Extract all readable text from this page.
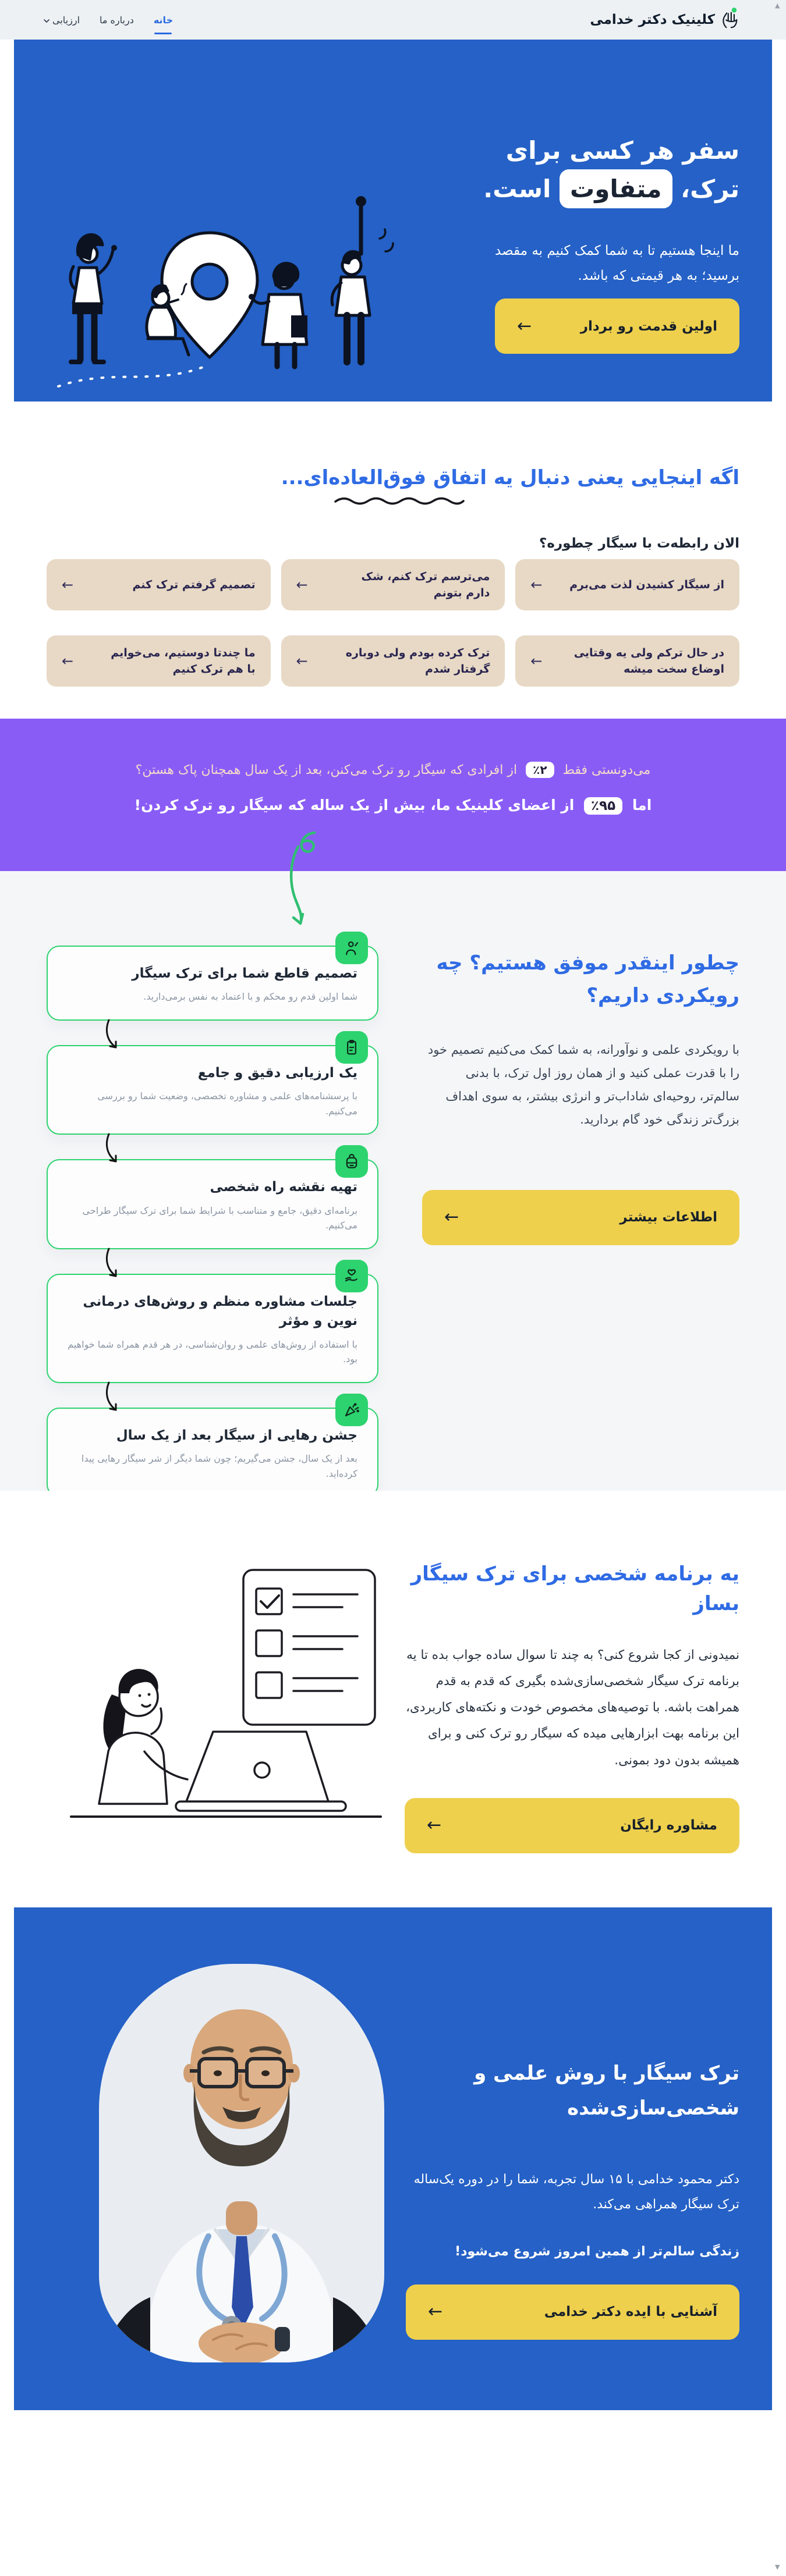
کلینیک دکتر خدامی
خانه
درباره ما
ارزیابی
سفر هر کسی برای
ترک، متفاوت است.
ما اینجا هستیم تا به شما کمک کنیم به مقصد برسید؛ به هر قیمتی که باشد.
اولین قدمت رو بردار
←
اگه اینجایی یعنی دنبال یه اتفاق فوق‌العاده‌ای...
الان رابطه‌ت با سیگار چطوره؟
از سیگار کشیدن لذت می‌برم
←
می‌ترسم ترک کنم، شک دارم بتونم
←
تصمیم گرفتم ترک کنم
←
در حال ترکم ولی یه وقتایی اوضاع سخت میشه
←
ترک کرده بودم ولی دوباره گرفتار شدم
←
ما چندتا دوستیم، می‌خوایم با هم ترک کنیم
←
می‌دونستی فقط ٪۲ از افرادی که سیگار رو ترک می‌کنن، بعد از یک سال همچنان پاک هستن؟
اما ٪۹۵ از اعضای کلینیک ما، بیش از یک ساله که سیگار رو ترک کردن!
چطور اینقدر موفق هستیم؟ چه رویکردی داریم؟
با رویکردی علمی و نوآورانه، به شما کمک می‌کنیم تصمیم خود را با قدرت عملی کنید و از همان روز اول ترک، با بدنی سالم‌تر، روحیه‌ای شاداب‌تر و انرژی بیشتر، به سوی اهداف بزرگ‌تر زندگی خود گام بردارید.
اطلاعات بیشتر
←
تصمیم قاطع شما برای ترک سیگار

شما اولین قدم رو محکم و با اعتماد به نفس برمی‌دارید.

یک ارزیابی دقیق و جامع

با پرسشنامه‌های علمی و مشاوره تخصصی، وضعیت شما رو بررسی می‌کنیم.

تهیه نقشه راه شخصی

برنامه‌ای دقیق، جامع و متناسب با شرایط شما برای ترک سیگار طراحی می‌کنیم.

جلسات مشاوره منظم و روش‌های درمانی نوین و مؤثر

با استفاده از روش‌های علمی و روان‌شناسی، در هر قدم همراه شما خواهیم بود.

جشن رهایی از سیگار بعد از یک سال

بعد از یک سال، جشن می‌گیریم؛ چون شما دیگر از شر سیگار رهایی پیدا کرده‌اید.

یه برنامه شخصی برای ترک سیگار بساز
نمیدونی از کجا شروع کنی؟ به چند تا سوال ساده جواب بده تا یه برنامه ترک سیگار شخصی‌سازی‌شده بگیری که قدم به قدم همراهت باشه. با توصیه‌های مخصوص خودت و نکته‌های کاربردی، این برنامه بهت ابزارهایی میده که سیگار رو ترک کنی و برای همیشه بدون دود بمونی.
مشاوره رایگان
←
ترک سیگار با روش علمی و
شخصی‌سازی‌شده
دکتر محمود خدامی با ۱۵ سال تجربه، شما را در دوره یک‌ساله ترک سیگار همراهی می‌کند.
زندگی سالم‌تر از همین امروز شروع می‌شود!
آشنایی با ایده دکتر خدامی
←
▲
▼
